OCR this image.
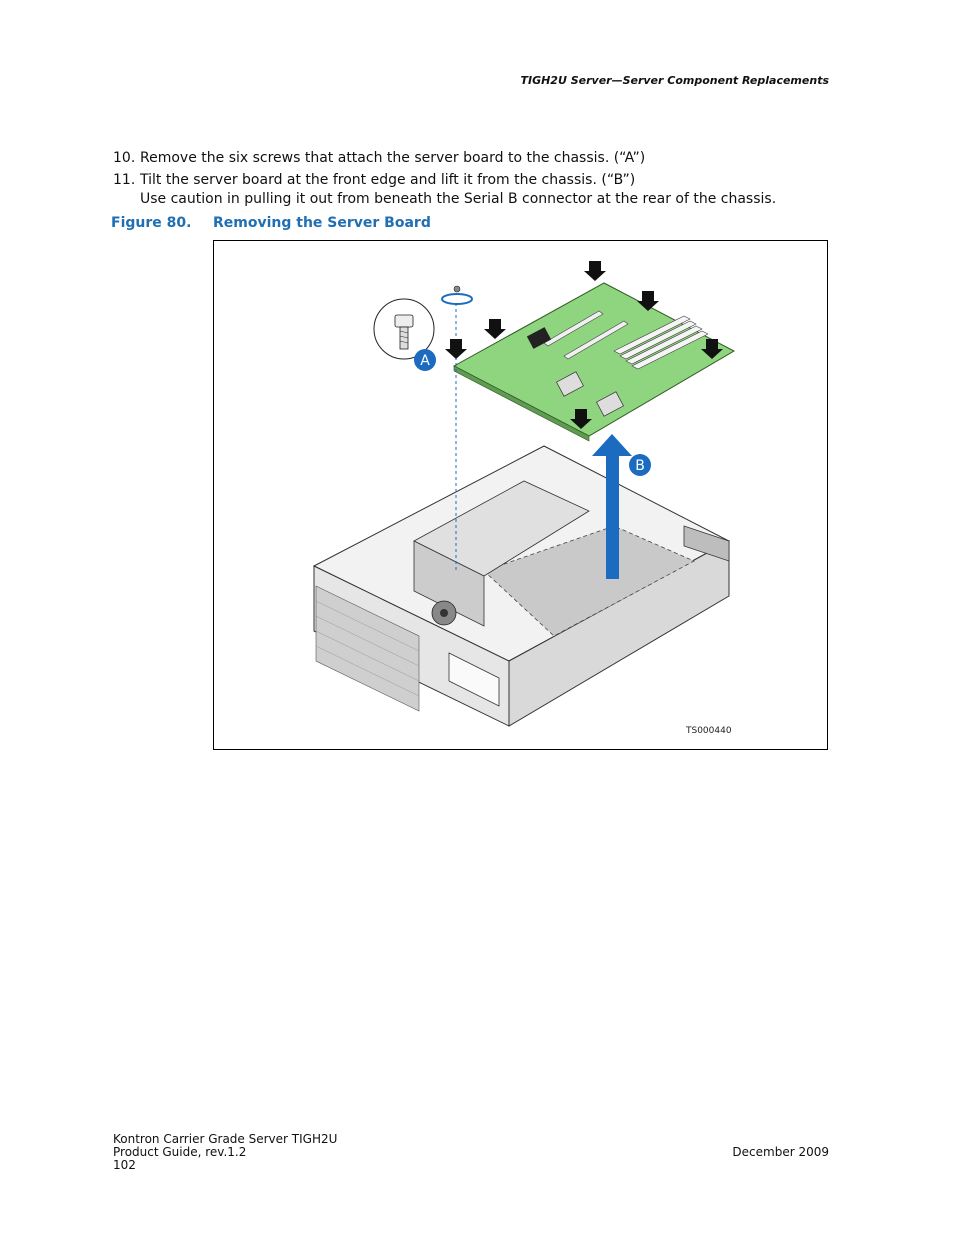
TIGH2U Server—Server Component Replacements
10. Remove the six screws that attach the server board to the chassis. (“A”)
11. Tilt the server board at the front edge and lift it from the chassis. (“B”)
Use caution in pulling it out from beneath the Serial B connector at the rear of the chassis.
Figure 80. Removing the Server Board
A
B
TS000440
Kontron Carrier Grade Server TIGH2U
Product Guide, rev.1.2
102
December 2009
